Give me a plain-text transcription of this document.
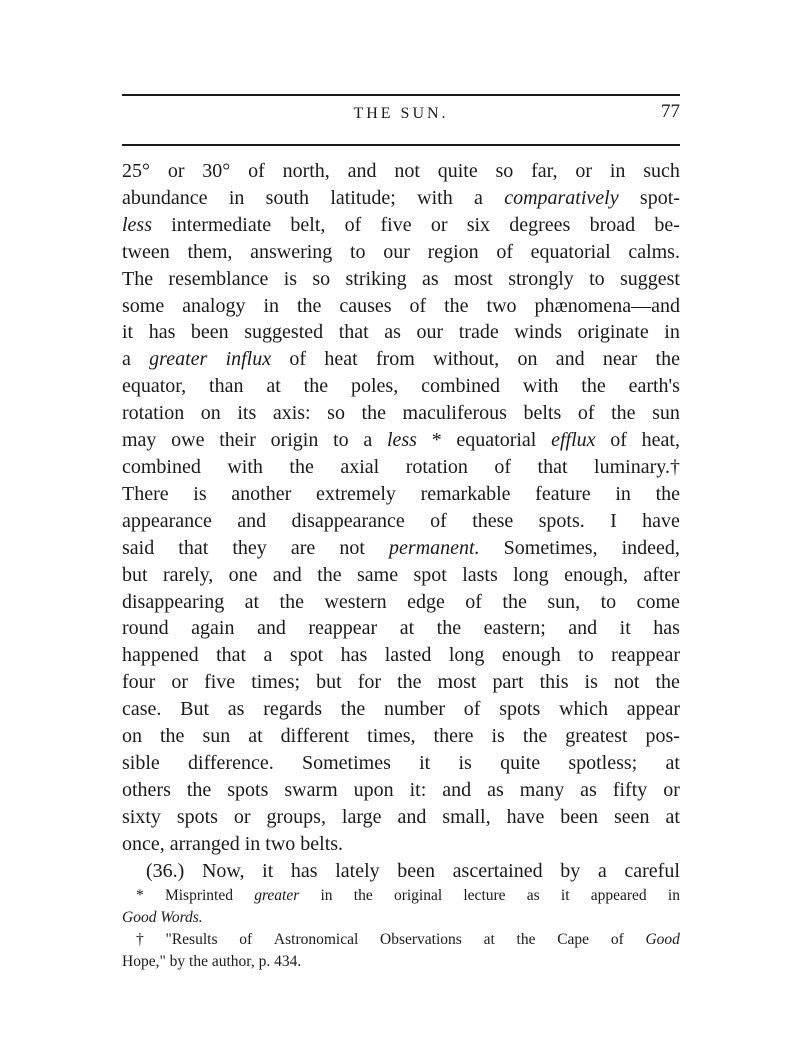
THE SUN.	77
25° or 30° of north, and not quite so far, or in such
abundance in south latitude; with a comparatively spot-
less intermediate belt, of five or six degrees broad be-
tween them, answering to our region of equatorial calms.
The resemblance is so striking as most strongly to suggest
some analogy in the causes of the two phænomena—and
it has been suggested that as our trade winds originate in
a greater influx of heat from without, on and near the
equator, than at the poles, combined with the earth's
rotation on its axis: so the maculiferous belts of the sun
may owe their origin to a less * equatorial efflux of heat,
combined with the axial rotation of that luminary.†
There is another extremely remarkable feature in the
appearance and disappearance of these spots. I have
said that they are not permanent. Sometimes, indeed,
but rarely, one and the same spot lasts long enough, after
disappearing at the western edge of the sun, to come
round again and reappear at the eastern; and it has
happened that a spot has lasted long enough to reappear
four or five times; but for the most part this is not the
case. But as regards the number of spots which appear
on the sun at different times, there is the greatest pos-
sible difference. Sometimes it is quite spotless; at
others the spots swarm upon it: and as many as fifty or
sixty spots or groups, large and small, have been seen at
once, arranged in two belts.
(36.) Now, it has lately been ascertained by a careful
* Misprinted greater in the original lecture as it appeared in
Good Words.
† "Results of Astronomical Observations at the Cape of Good
Hope," by the author, p. 434.
